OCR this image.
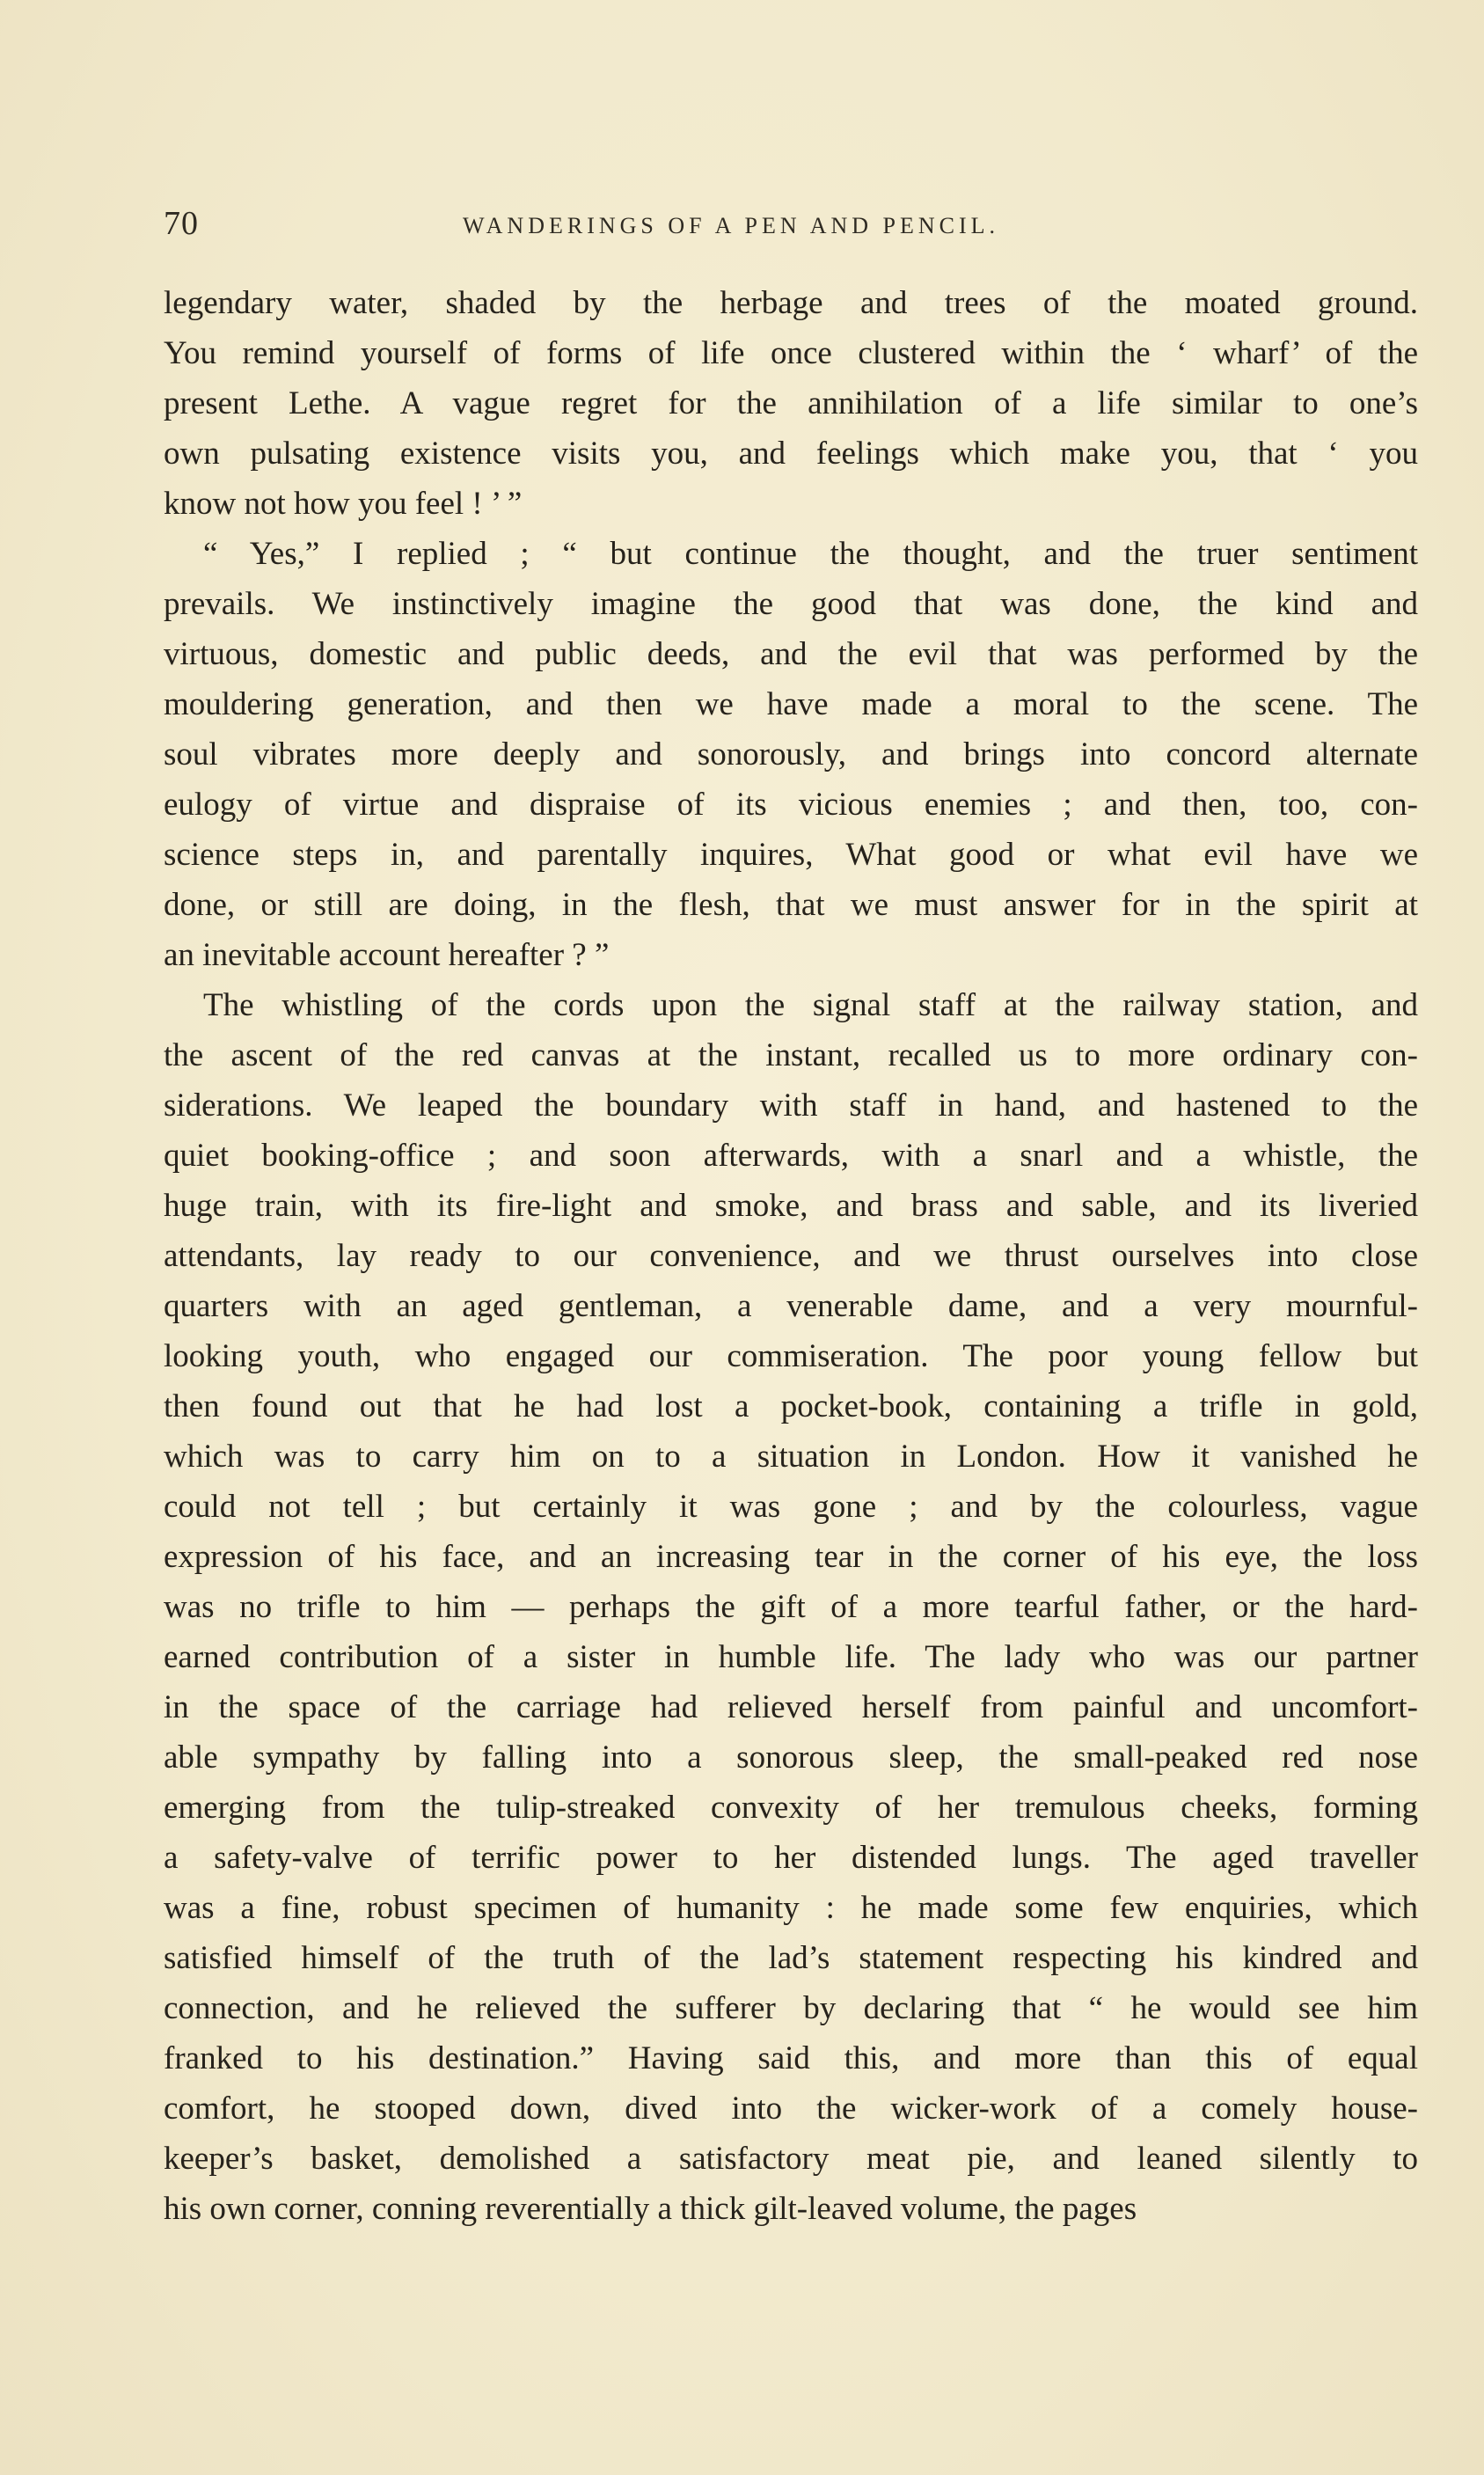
70	WANDERINGS OF A PEN AND PENCIL.
legendary water, shaded by the herbage and trees of the moated ground.
You remind yourself of forms of life once clustered within the ‘ wharf’ of the
present Lethe. A vague regret for the annihilation of a life similar to one’s
own pulsating existence visits you, and feelings which make you, that ‘ you
know not how you feel ! ’ ”
“ Yes,” I replied ; “ but continue the thought, and the truer sentiment
prevails. We instinctively imagine the good that was done, the kind and
virtuous, domestic and public deeds, and the evil that was performed by the
mouldering generation, and then we have made a moral to the scene. The
soul vibrates more deeply and sonorously, and brings into concord alternate
eulogy of virtue and dispraise of its vicious enemies ; and then, too, con-
science steps in, and parentally inquires, What good or what evil have we
done, or still are doing, in the flesh, that we must answer for in the spirit at
an inevitable account hereafter ? ”
The whistling of the cords upon the signal staff at the railway station, and
the ascent of the red canvas at the instant, recalled us to more ordinary con-
siderations. We leaped the boundary with staff in hand, and hastened to the
quiet booking-office ; and soon afterwards, with a snarl and a whistle, the
huge train, with its fire-light and smoke, and brass and sable, and its liveried
attendants, lay ready to our convenience, and we thrust ourselves into close
quarters with an aged gentleman, a venerable dame, and a very mournful-
looking youth, who engaged our commiseration. The poor young fellow but
then found out that he had lost a pocket-book, containing a trifle in gold,
which was to carry him on to a situation in London. How it vanished he
could not tell ; but certainly it was gone ; and by the colourless, vague
expression of his face, and an increasing tear in the corner of his eye, the loss
was no trifle to him — perhaps the gift of a more tearful father, or the hard-
earned contribution of a sister in humble life. The lady who was our partner
in the space of the carriage had relieved herself from painful and uncomfort-
able sympathy by falling into a sonorous sleep, the small-peaked red nose
emerging from the tulip-streaked convexity of her tremulous cheeks, forming
a safety-valve of terrific power to her distended lungs. The aged traveller
was a fine, robust specimen of humanity : he made some few enquiries, which
satisfied himself of the truth of the lad’s statement respecting his kindred and
connection, and he relieved the sufferer by declaring that “ he would see him
franked to his destination.” Having said this, and more than this of equal
comfort, he stooped down, dived into the wicker-work of a comely house-
keeper’s basket, demolished a satisfactory meat pie, and leaned silently to
his own corner, conning reverentially a thick gilt-leaved volume, the pages
